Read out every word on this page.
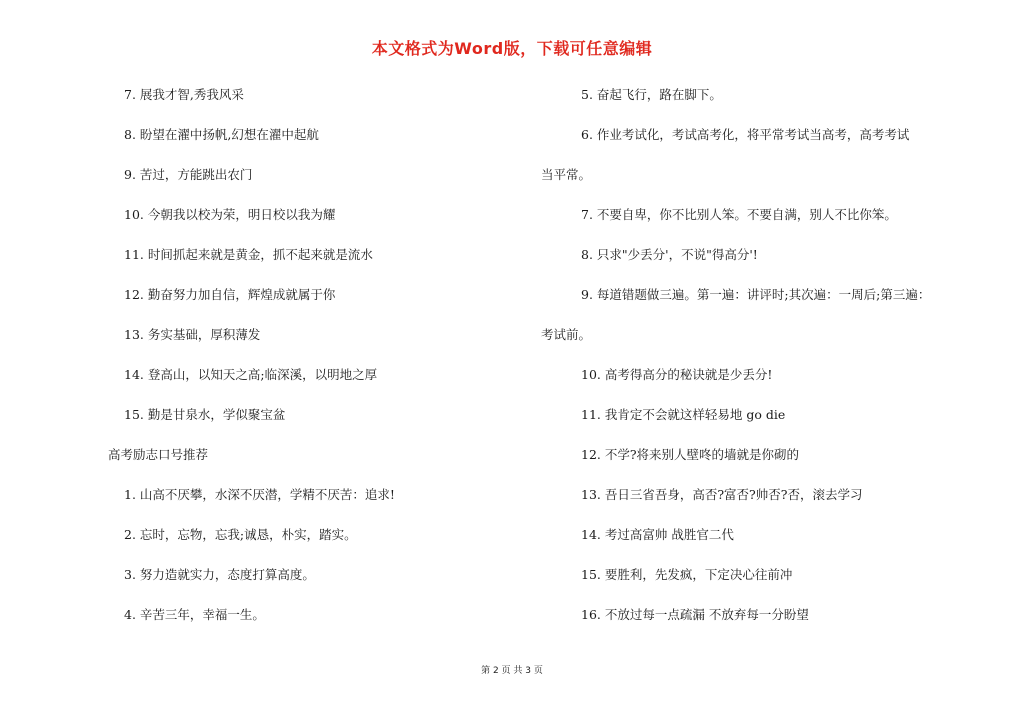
本文格式为Word版，下载可任意编辑
7. 展我才智,秀我风采
8. 盼望在濯中扬帆,幻想在濯中起航
9. 苦过，方能跳出农门
10. 今朝我以校为荣，明日校以我为耀
11. 时间抓起来就是黄金，抓不起来就是流水
12. 勤奋努力加自信，辉煌成就属于你
13. 务实基础，厚积薄发
14. 登高山，以知天之高;临深溪，以明地之厚
15. 勤是甘泉水，学似聚宝盆
高考励志口号推荐
1. 山高不厌攀，水深不厌潜，学精不厌苦：追求!
2. 忘时，忘物，忘我;诚恳，朴实，踏实。
3. 努力造就实力，态度打算高度。
4. 辛苦三年，幸福一生。
5. 奋起飞行，路在脚下。
6. 作业考试化，考试高考化，将平常考试当高考，高考考试
当平常。
7. 不要自卑，你不比别人笨。不要自满，别人不比你笨。
8. 只求"少丢分'，不说"得高分'!
9. 每道错题做三遍。第一遍：讲评时;其次遍：一周后;第三遍：
考试前。
10. 高考得高分的秘诀就是少丢分!
11. 我肯定不会就这样轻易地 go die
12. 不学?将来别人壁咚的墙就是你砌的
13. 吾日三省吾身，高否?富否?帅否?否，滚去学习
14. 考过高富帅 战胜官二代
15. 要胜利，先发疯，下定决心往前冲
16. 不放过每一点疏漏 不放弃每一分盼望
第 2 页 共 3 页
